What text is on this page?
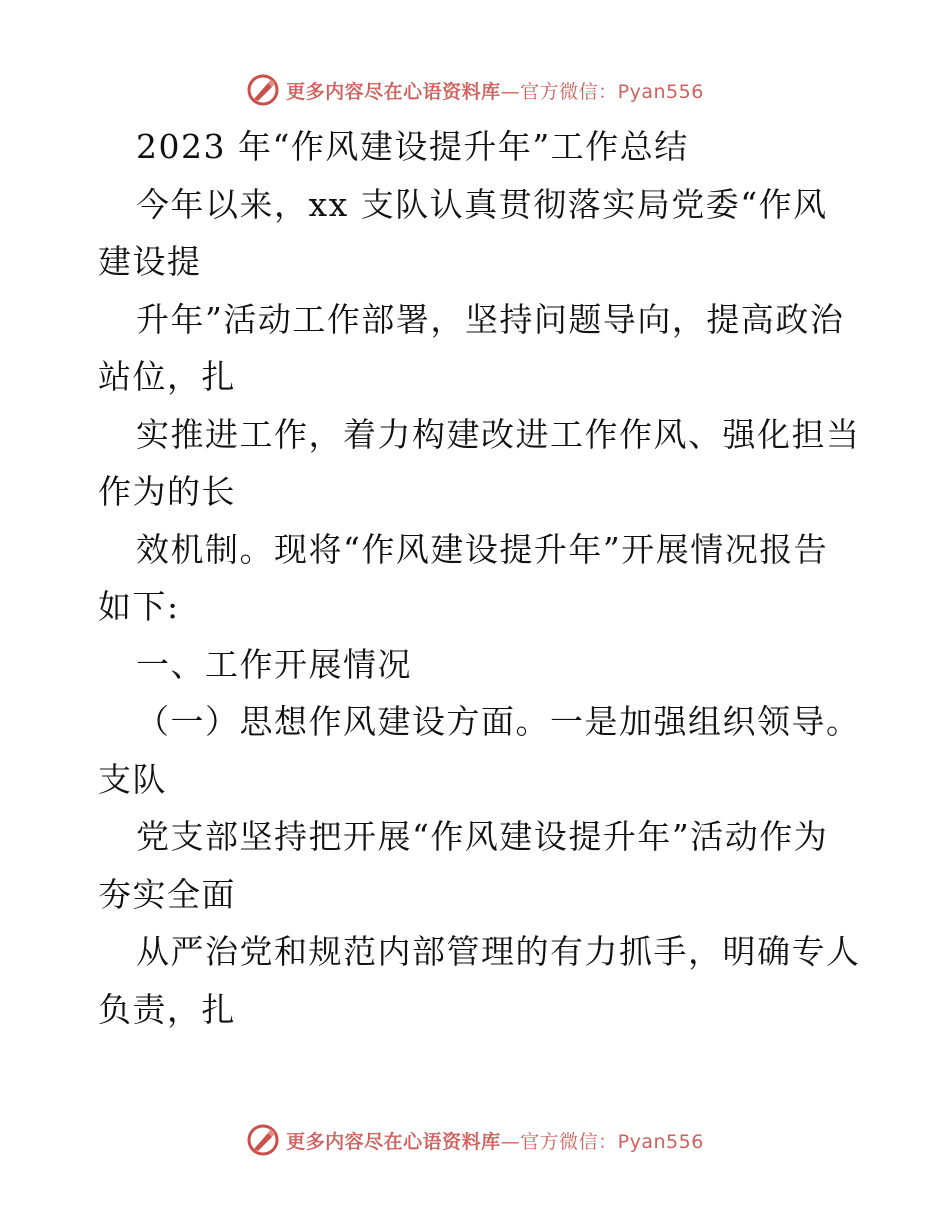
更多内容尽在心语资料库—官方微信：Pyan556
2023 年“作风建设提升年”工作总结
今年以来，xx 支队认真贯彻落实局党委“作风
建设提
升年”活动工作部署，坚持问题导向，提高政治
站位，扎
实推进工作，着力构建改进工作作风、强化担当
作为的长
效机制。现将“作风建设提升年”开展情况报告
如下:
一、工作开展情况
（一）思想作风建设方面。一是加强组织领导。
支队
党支部坚持把开展“作风建设提升年”活动作为
夯实全面
从严治党和规范内部管理的有力抓手，明确专人
负责，扎
更多内容尽在心语资料库—官方微信：Pyan556
